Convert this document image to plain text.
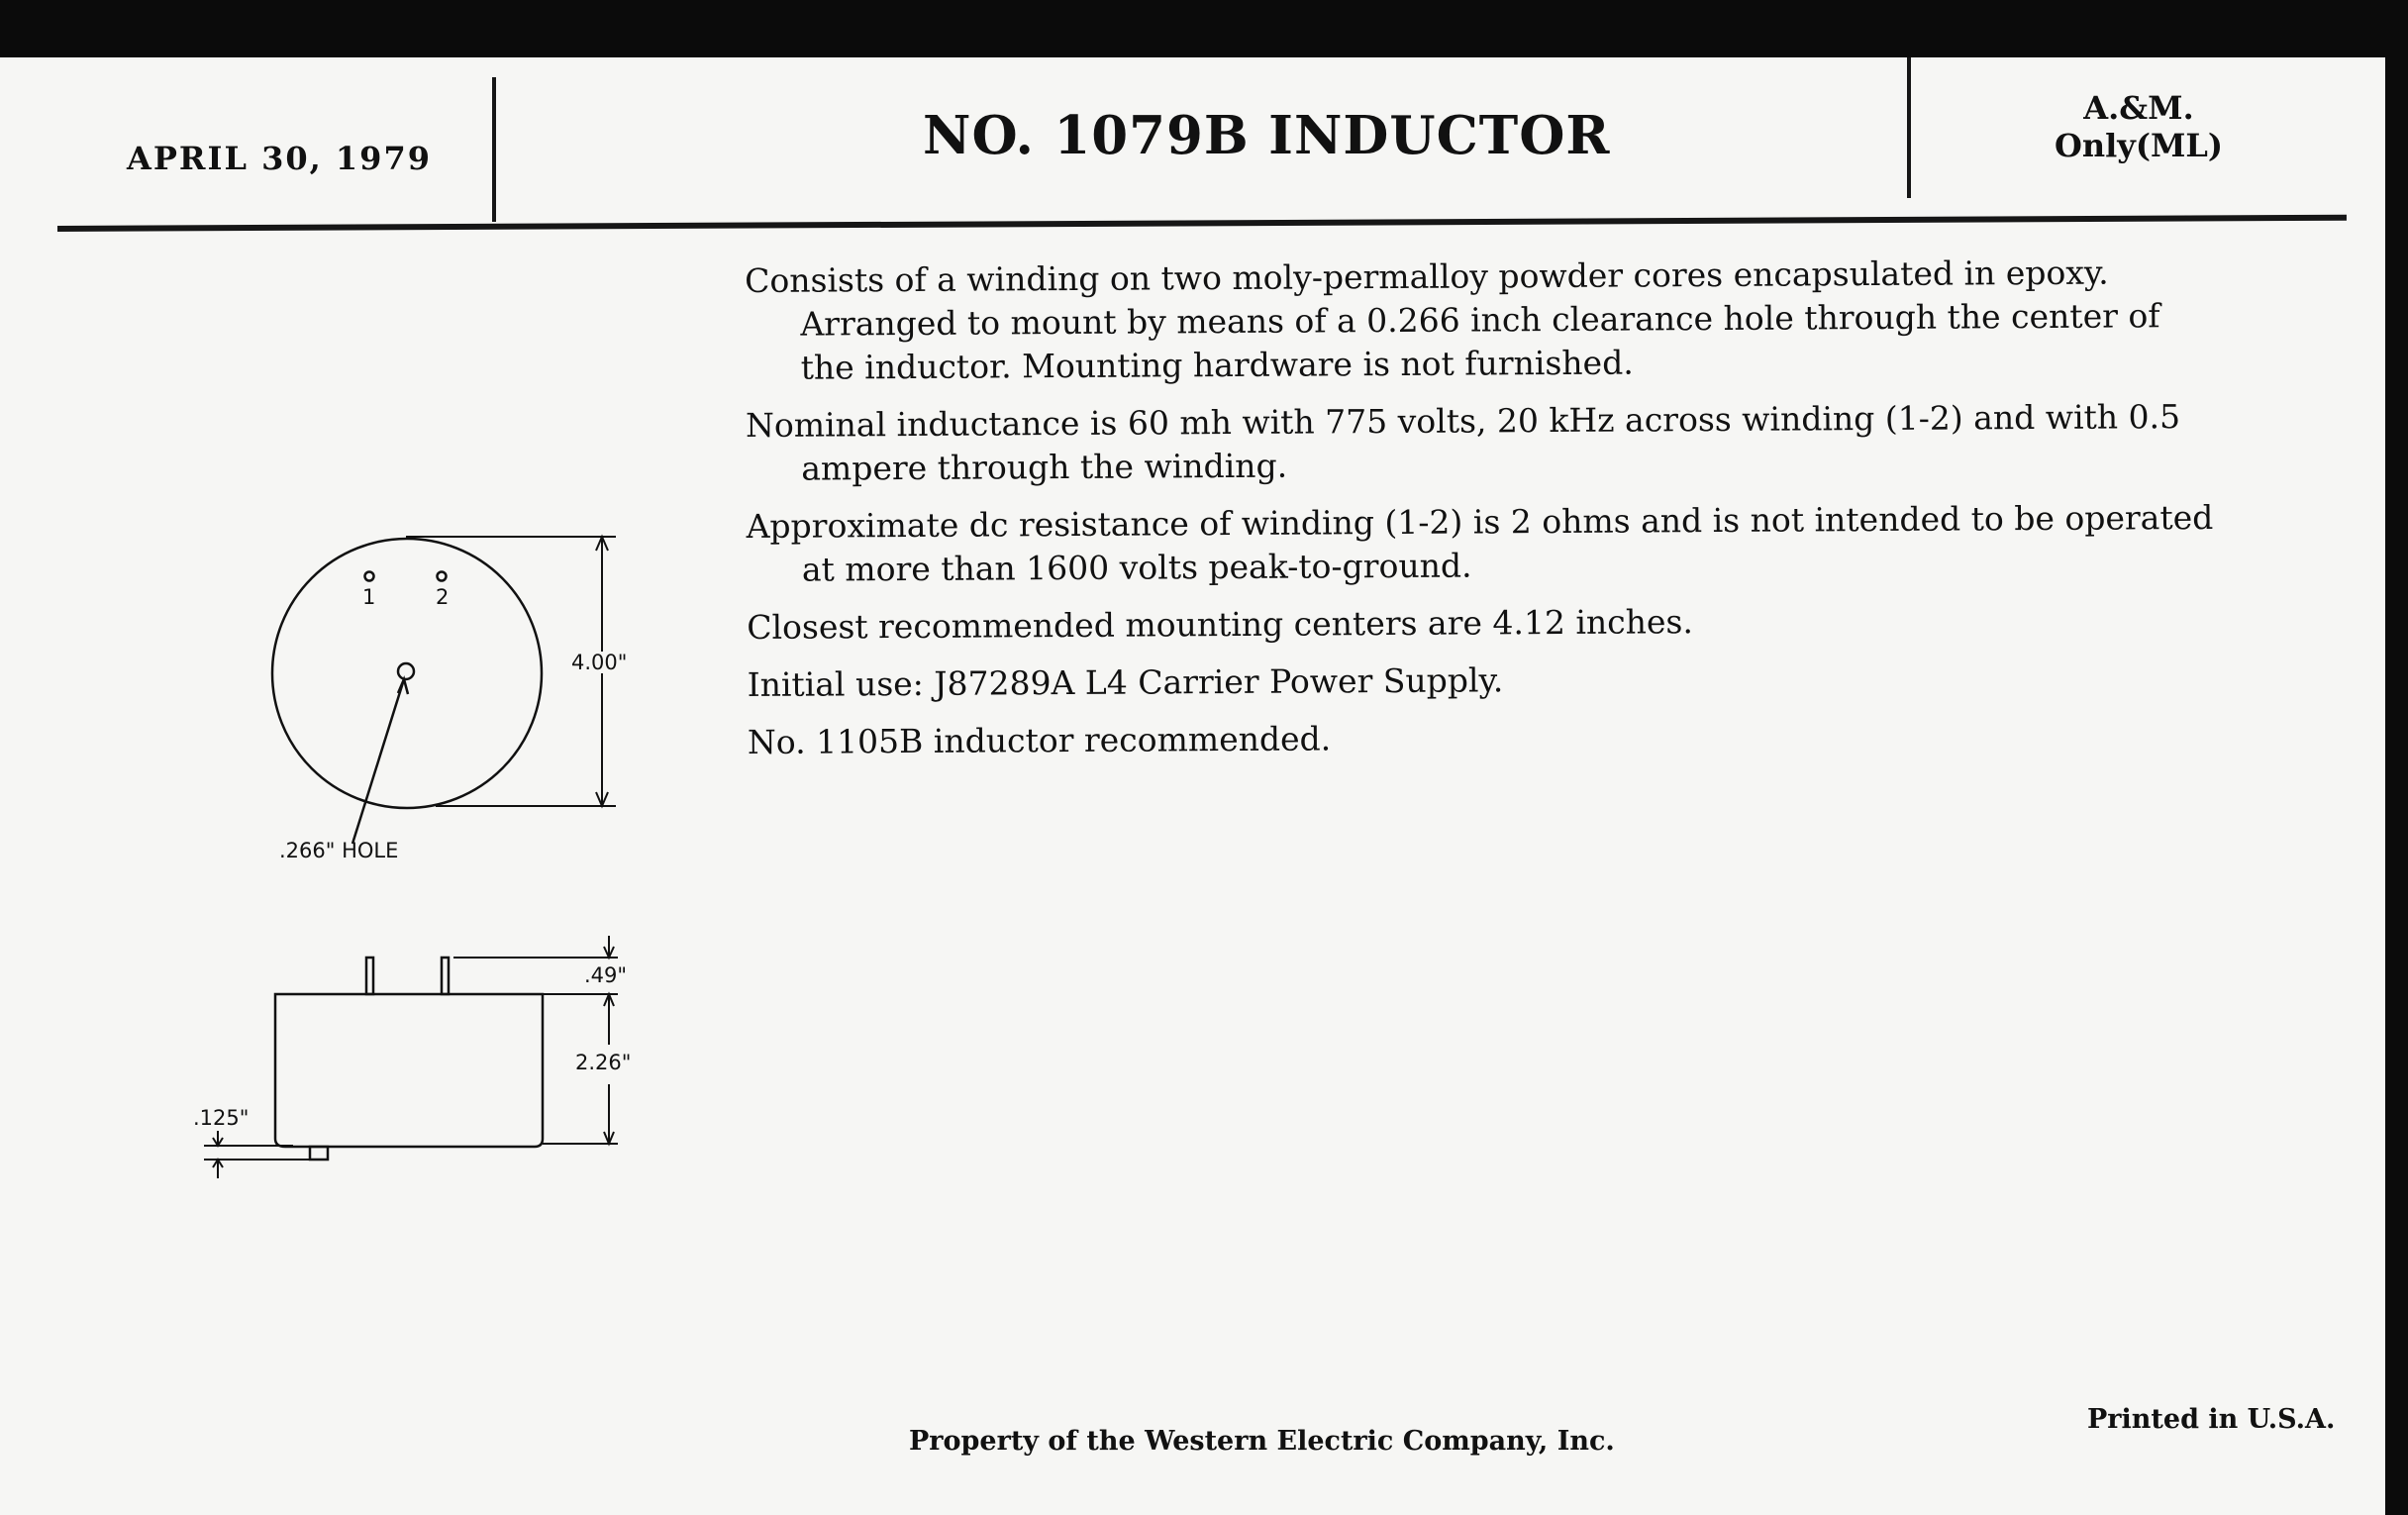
APRIL 30, 1979	NO. 1079B INDUCTOR	A.&M.
Only(ML)

Consists of a winding on two moly-permalloy powder cores encapsulated in epoxy. Arranged to mount by means of a 0.266 inch clearance hole through the center of the inductor. Mounting hardware is not furnished.

Nominal inductance is 60 mh with 775 volts, 20 kHz across winding (1-2) and with 0.5 ampere through the winding.

Approximate dc resistance of winding (1-2) is 2 ohms and is not intended to be operated at more than 1600 volts peak-to-ground.

Closest recommended mounting centers are 4.12 inches.

Initial use: J87289A L4 Carrier Power Supply.

No. 1105B inductor recommended.

1	2
4.00"
.266" HOLE
.49"
2.26"
.125"
Property of the Western Electric Company, Inc.
Printed in U.S.A.
